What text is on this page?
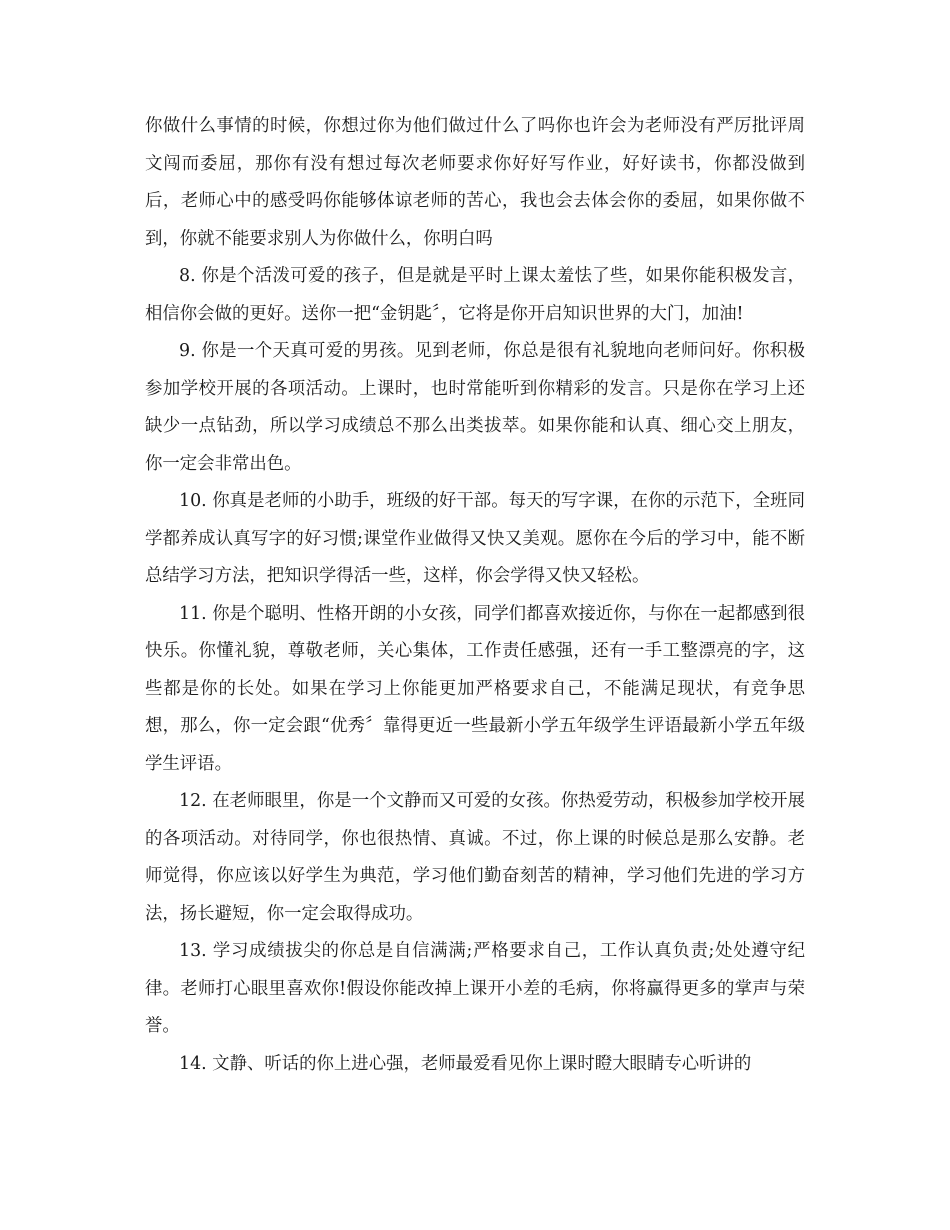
你做什么事情的时候，你想过你为他们做过什么了吗你也许会为老师没有严厉批评周文闯而委屈，那你有没有想过每次老师要求你好好写作业，好好读书，你都没做到后，老师心中的感受吗你能够体谅老师的苦心，我也会去体会你的委屈，如果你做不到，你就不能要求别人为你做什么，你明白吗

8. 你是个活泼可爱的孩子，但是就是平时上课太羞怯了些，如果你能积极发言，相信你会做的更好。送你一把“金钥匙〞，它将是你开启知识世界的大门，加油!

9. 你是一个天真可爱的男孩。见到老师，你总是很有礼貌地向老师问好。你积极参加学校开展的各项活动。上课时，也时常能听到你精彩的发言。只是你在学习上还缺少一点钻劲，所以学习成绩总不那么出类拔萃。如果你能和认真、细心交上朋友，你一定会非常出色。

10. 你真是老师的小助手，班级的好干部。每天的写字课，在你的示范下，全班同学都养成认真写字的好习惯;课堂作业做得又快又美观。愿你在今后的学习中，能不断总结学习方法，把知识学得活一些，这样，你会学得又快又轻松。

11. 你是个聪明、性格开朗的小女孩，同学们都喜欢接近你，与你在一起都感到很快乐。你懂礼貌，尊敬老师，关心集体，工作责任感强，还有一手工整漂亮的字，这些都是你的长处。如果在学习上你能更加严格要求自己，不能满足现状，有竞争思想，那么，你一定会跟“优秀〞靠得更近一些最新小学五年级学生评语最新小学五年级学生评语。

12. 在老师眼里，你是一个文静而又可爱的女孩。你热爱劳动，积极参加学校开展的各项活动。对待同学，你也很热情、真诚。不过，你上课的时候总是那么安静。老师觉得，你应该以好学生为典范，学习他们勤奋刻苦的精神，学习他们先进的学习方法，扬长避短，你一定会取得成功。

13. 学习成绩拔尖的你总是自信满满;严格要求自己，工作认真负责;处处遵守纪律。老师打心眼里喜欢你!假设你能改掉上课开小差的毛病，你将赢得更多的掌声与荣誉。

14. 文静、听话的你上进心强，老师最爱看见你上课时瞪大眼睛专心听讲的
